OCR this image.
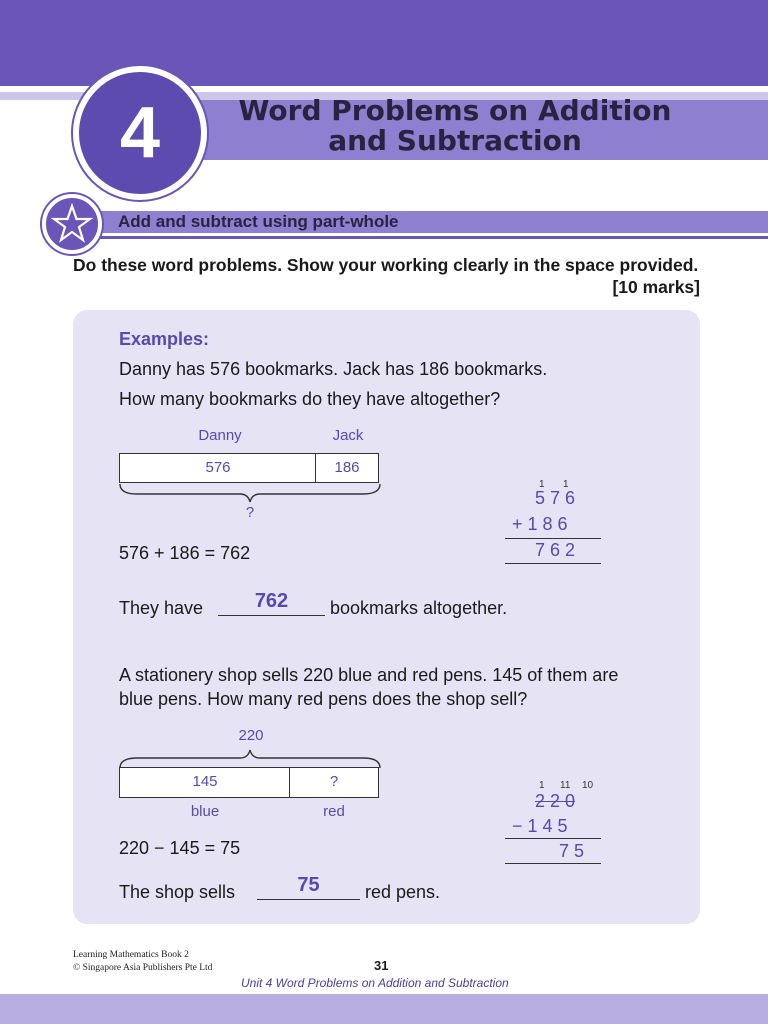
4	Word Problems on Addition
and Subtraction
Add and subtract using part-whole
Do these word problems. Show your working clearly in the space provided.
[10 marks]
Examples:
Danny has 576 bookmarks. Jack has 186 bookmarks.
How many bookmarks do they have altogether?
Danny	Jack
576	186
?
1 1
5 7 6
+ 1 8 6
7 6 2
576 + 186 = 762
They have	762	bookmarks altogether.
A stationery shop sells 220 blue and red pens. 145 of them are
blue pens. How many red pens does the shop sell?
220
145	?
blue	red
1 11 10
2 2 0
− 1 4 5
7 5
220 − 145 = 75
The shop sells	75	red pens.
Learning Mathematics Book 2
© Singapore Asia Publishers Pte Ltd	31
Unit 4 Word Problems on Addition and Subtraction
